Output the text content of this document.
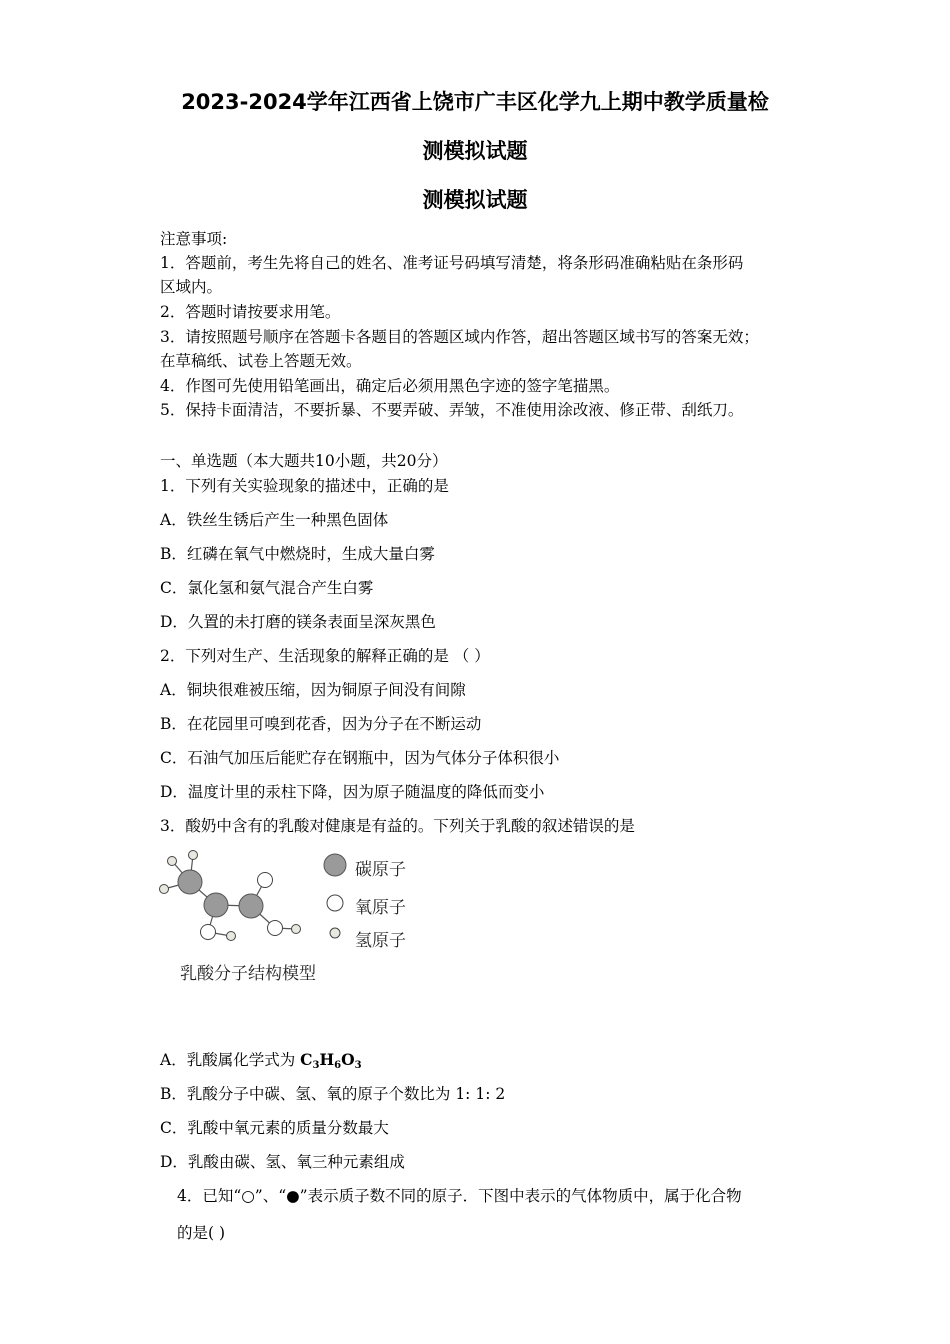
2023-2024学年江西省上饶市广丰区化学九上期中教学质量检
测模拟试题
测模拟试题
注意事项:
1．答题前，考生先将自己的姓名、准考证号码填写清楚，将条形码准确粘贴在条形码
区域内。
2．答题时请按要求用笔。
3．请按照题号顺序在答题卡各题目的答题区域内作答，超出答题区域书写的答案无效；
在草稿纸、试卷上答题无效。
4．作图可先使用铅笔画出，确定后必须用黑色字迹的签字笔描黑。
5．保持卡面清洁，不要折暴、不要弄破、弄皱，不准使用涂改液、修正带、刮纸刀。
一、单选题（本大题共10小题，共20分）
1．下列有关实验现象的描述中，正确的是
A．铁丝生锈后产生一种黑色固体
B．红磷在氧气中燃烧时，生成大量白雾
C．氯化氢和氨气混合产生白雾
D．久置的未打磨的镁条表面呈深灰黑色
2．下列对生产、生活现象的解释正确的是 （ ）
A．铜块很难被压缩，因为铜原子间没有间隙
B．在花园里可嗅到花香，因为分子在不断运动
C．石油气加压后能贮存在钢瓶中，因为气体分子体积很小
D．温度计里的汞柱下降，因为原子随温度的降低而变小
3．酸奶中含有的乳酸对健康是有益的。下列关于乳酸的叙述错误的是
碳原子
氧原子
氢原子
乳酸分子结构模型
A．乳酸属化学式为 $C_3H_6O_3$
B．乳酸分子中碳、氢、氧的原子个数比为 1: 1: 2
C．乳酸中氧元素的质量分数最大
D．乳酸由碳、氢、氧三种元素组成
4．已知“○”、“●”表示质子数不同的原子．下图中表示的气体物质中，属于化合物
的是( )
